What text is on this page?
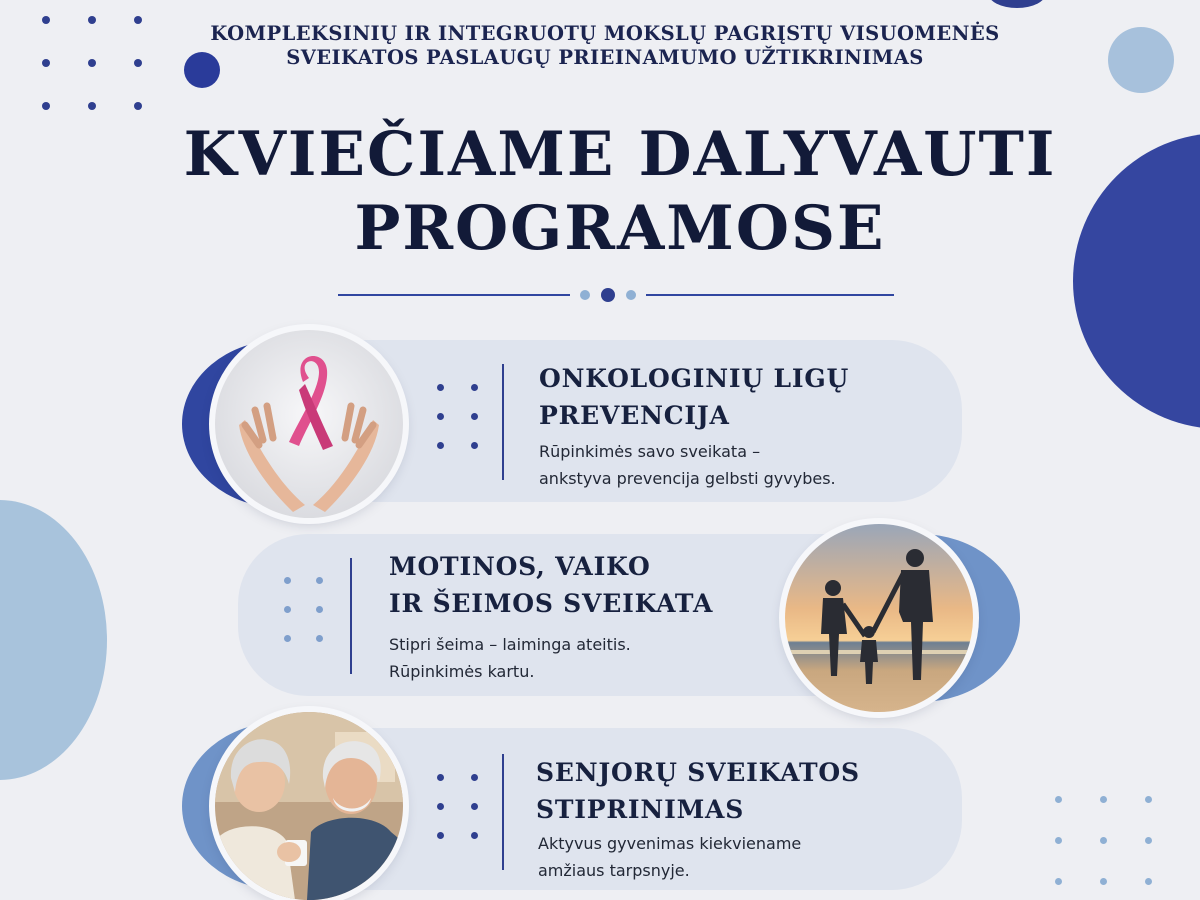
KOMPLEKSINIŲ IR INTEGRUOTŲ MOKSLŲ PAGRĮSTŲ VISUOMENĖS
SVEIKATOS PASLAUGŲ PRIEINAMUMO UŽTIKRINIMAS
KVIEČIAME DALYVAUTI
PROGRAMOSE
ONKOLOGINIŲ LIGŲ
PREVENCIJA
Rūpinkimės savo sveikata –
ankstyva prevencija gelbsti gyvybes.
MOTINOS, VAIKO
IR ŠEIMOS SVEIKATA
Stipri šeima – laiminga ateitis.
Rūpinkimės kartu.
SENJORŲ SVEIKATOS
STIPRINIMAS
Aktyvus gyvenimas kiekviename
amžiaus tarpsnyje.
